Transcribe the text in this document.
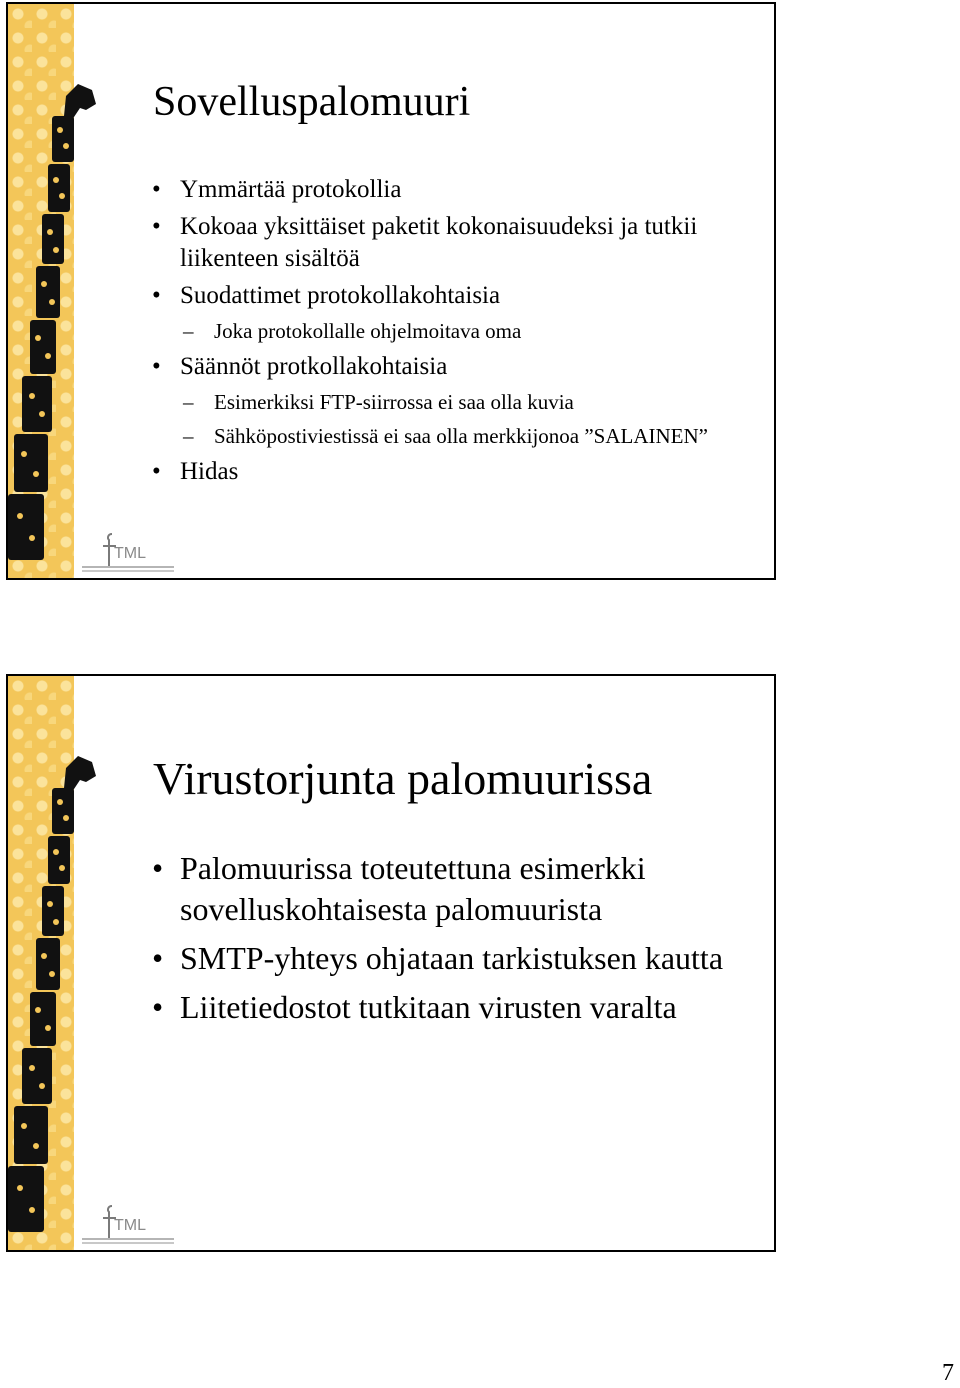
TML
Sovelluspalomuuri
• Ymmärtää protokollia
• Kokoaa yksittäiset paketit kokonaisuudeksi ja tutkii liikenteen sisältöä
• Suodattimet protokollakohtaisia
– Joka protokollalle ohjelmoitava oma
• Säännöt protkollakohtaisia
– Esimerkiksi FTP-siirrossa ei saa olla kuvia
– Sähköpostiviestissä ei saa olla merkkijonoa ”SALAINEN”
• Hidas
TML
Virustorjunta palomuurissa
• Palomuurissa toteutettuna esimerkki sovelluskohtaisesta palomuurista
• SMTP-yhteys ohjataan tarkistuksen kautta
• Liitetiedostot tutkitaan virusten varalta
7
